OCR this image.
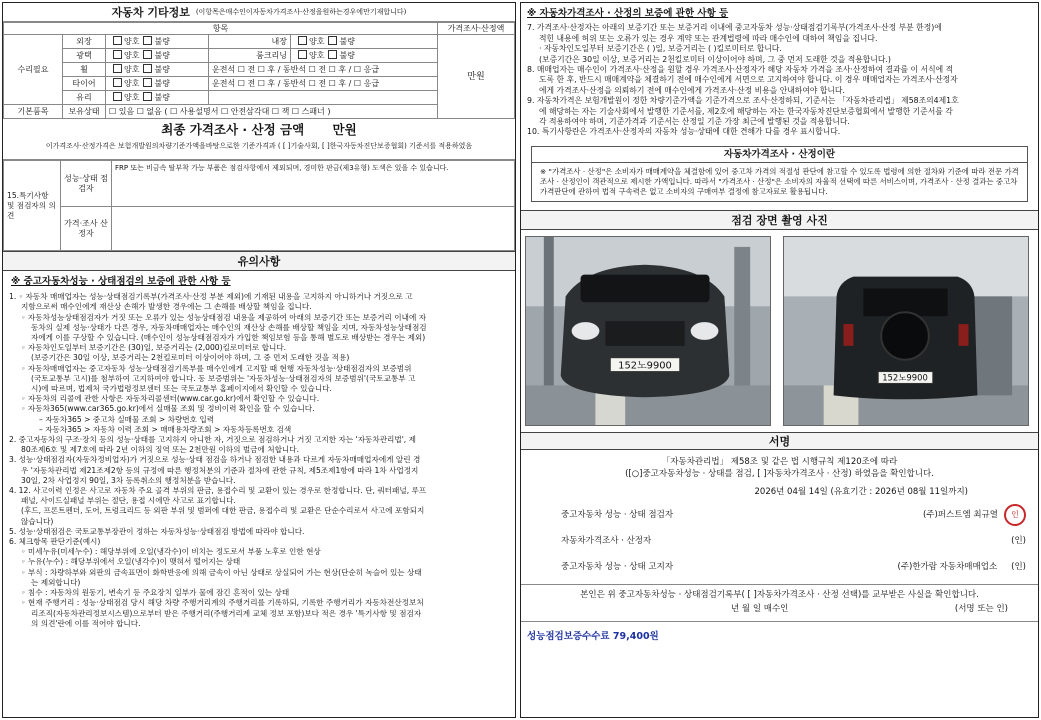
자동차 기타정보 (이항목은매수인이자동차가격조사·산정을원하는경우에만기재합니다)
항목					가격조사·산정액
수리필요	외장	양호 불량	내장	양호 불량	만원
	광택	양호 불량	룸크리닝	양호 불량	
	휠	양호 불량	운전석 ☐ 전 ☐ 후 / 동반석 ☐ 전 ☐ 후 / ☐ 응급		
	타이어	양호 불량	운전석 ☐ 전 ☐ 후 / 동반석 ☐ 전 ☐ 후 / ☐ 응급		
	유리	양호 불량			
기본품목	보유상태	☐ 있음 ☐ 없음 ( ☐ 사용설명서 ☐ 안전삼각대 ☐ 잭 ☐ 스패너 )			
최종 가격조사 · 산정 금액 만원
이가격조사·산정가격은 보험개발원의차량기준가액을바탕으로한 기준가격과 ( [ ]기술사회, [ ]한국자동차진단보증협회) 기준서를 적용하였음
15.특기사항 및 점검자의 의견	성능·상태 점검자	FRP 또는 비금속 탈부착 가능 부품은 점검사항에서 제외되며, 경미한 판금(제3유형) 도색은 있을 수 있습니다.
	가격·조사 산정자	
유의사항
※ 중고자동차성능 · 상태점검의 보증에 관한 사항 등

1. ◦ 자동차 매매업자는 성능·상태점검기록부(가격조사·산정 부분 제외)에 기재된 내용을 고지하지 아니하거나 거짓으로 고

지함으로써 매수인에게 재산상 손해가 발생한 경우에는 그 손해를 배상할 책임을 집니다.

◦ 자동차성능상태점검자가 거짓 또는 오류가 있는 성능상태점검 내용을 제공하여 아래의 보증기간 또는 보증거리 이내에 자

동차의 실제 성능·상태가 다른 경우, 자동차매매업자는 매수인의 재산상 손해를 배상할 책임을 지며, 자동차성능상태점검

자에게 이를 구상할 수 있습니다. (매수인이 성능상태점검자가 가입한 책임보험 등을 통해 별도로 배상받는 경우는 제외)

◦ 자동차인도일부터 보증기간은 (30)일, 보증거리는 (2,000)킬로미터로 합니다.

(보증기간은 30일 이상, 보증거리는 2천킬로미터 이상이어야 하며, 그 중 먼저 도래한 것을 적용)

◦ 자동차매매업자는 중고자동차 성능·상태점검기록부를 매수인에게 고지할 때 현행 자동차성능·상태점검자의 보증범위

(국토교통부 고시)를 첨부하여 고지하여야 합니다. 동 보증범위는 '자동차성능·상태점검자의 보증범위'(국토교통부 고

시)에 따르며, 법제처 국가법령정보센터 또는 국토교통부 홈페이지에서 확인할 수 있습니다.

◦ 자동차의 리콜에 관한 사항은 자동차리콜센터(www.car.go.kr)에서 확인할 수 있습니다.

◦ 자동차365(www.car365.go.kr)에서 실매물 조회 및 정비이력 확인을 할 수 있습니다.

– 자동차365 > 중고차 실매물 조회 > 차량번호 입력

– 자동차365 > 자동차 이력 조회 > 매매용차량조회 > 자동차등록번호 검색

2. 중고자동차의 구조·장치 등의 성능·상태를 고지하지 아니한 자, 거짓으로 점검하거나 거짓 고지한 자는 '자동차관리법', 제

80조제6호 및 제7호에 따라 2년 이하의 징역 또는 2천만원 이하의 벌금에 처합니다.

3. 성능·상태점검자(자동차정비업자)가 거짓으로 성능·상태 점검을 하거나 점검한 내용과 다르게 자동차매매업자에게 알린 경

우 '자동차관리법 제21조제2항 등의 규정에 따른 행정처분의 기준과 절차에 관한 규칙, 제5조제1항에 따라 1차 사업정지

30일, 2차 사업정지 90일, 3차 등록취소의 행정처분을 받습니다.

4. 12. 사고이력 인정은 사고로 자동차 주요 골격 부위의 판금, 용접수리 및 교환이 있는 경우로 한정합니다. 단, 쿼터패널, 루프

패널, 사이드실패널 부위는 절단, 용접 시에만 사고로 표기합니다.

(후드, 프론트펜더, 도어, 트렁크리드 등 외판 부위 및 범퍼에 대한 판금, 용접수리 및 교환은 단순수리로서 사고에 포함되지

않습니다)

5. 성능·상태점검은 국토교통부장관이 정하는 자동차성능·상태점검 방법에 따라야 합니다.

6. 체크항목 판단기준(예시)

◦ 미세누유(미세누수) : 해당부위에 오일(냉각수)이 비치는 정도로서 부품 노후로 인한 현상

◦ 누유(누수) : 해당부위에서 오일(냉각수)이 맺혀서 떨어지는 상태

◦ 부식 : 차량하부와 외판의 금속표면이 화학반응에 의해 금속이 아닌 상태로 상실되어 가는 현상(단순히 녹슬어 있는 상태

는 제외합니다)

◦ 침수 : 자동차의 원동기, 변속기 등 주요장치 일부가 물에 잠긴 흔적이 있는 상태

◦ 현재 주행거리 : 성능·상태점검 당시 해당 차량 주행거리계의 주행거리를 기록하되, 기록한 주행거리가 자동차전산정보처

리조직(자동차관리정보시스템)으로부터 받은 주행거리(주행거리계 교체 정보 포함)보다 적은 경우 '특기사항 및 점검자

의 의견'란에 이를 적어야 합니다.

※ 자동차가격조사 · 산정의 보증에 관한 사항 등

7. 가격조사·산정자는 아래의 보증기간 또는 보증거리 이내에 중고자동차 성능·상태점검기록부(가격조사·산정 부분 한정)에

적힌 내용에 허위 또는 오류가 있는 경우 계약 또는 관계법령에 따라 매수인에 대하여 책임을 집니다.

· 자동차인도일부터 보증기간은 ( )일, 보증거리는 ( )킬로미터로 합니다.

(보증기간은 30일 이상, 보증거리는 2천킬로미터 이상이어야 하며, 그 중 먼저 도래한 것을 적용합니다.)

8. 매매업자는 매수인이 가격조사·산정을 원할 경우 가격조사·산정자가 해당 자동차 가격을 조사·산정하여 결과를 이 서식에 적

도록 한 후, 반드시 매매계약을 체결하기 전에 매수인에게 서면으로 고지하여야 합니다. 이 경우 매매업자는 가격조사·산정자

에게 가격조사·산정을 의뢰하기 전에 매수인에게 가격조사·산정 비용을 안내하여야 합니다.

9. 자동차가격은 보험개발원이 정한 차량기준가액을 기준가격으로 조사·산정하되, 기준서는 「자동차관리법」 제58조의4제1호

에 해당하는 자는 기술사회에서 발행한 기준서를, 제2호에 해당하는 자는 한국자동차진단보증협회에서 발행한 기준서를 각

각 적용하여야 하며, 기준가격과 기준서는 산정일 기준 가장 최근에 발행된 것을 적용합니다.

10. 특기사항란은 가격조사·산정자의 자동차 성능·상태에 대한 견해가 다를 경우 표시합니다.

자동차가격조사 · 산정이란
※ "가격조사 · 산정"은 소비자가 매매계약을 체결함에 있어 중고차 가격의 적절성 판단에 참고할 수 있도록 법령에 의한 절차와 기준에 따라 전문 가격조사 · 산정인이 객관적으로 제시한 가액입니다. 따라서 "가격조사 · 산정"은 소비자의 자율적 선택에 따른 서비스이며, 가격조사 · 산정 결과는 중고차 가격판단에 관하여 법적 구속력은 없고 소비자의 구매여부 결정에 참고자료로 활용됩니다.
점검 장면 촬영 사진
152노9900
152노9900
서명
「자동차관리법」 제58조 및 같은 법 시행규칙 제120조에 따라
([○]중고자동차성능 · 상태를 점검, [ ]자동차가격조사 · 산정) 하였음을 확인합니다.
2026년 04월 14일 (유효기간 : 2026년 08월 11일까지)
중고자동차 성능 · 상태 점검자	(주)퍼스트엠 최규열	인
자동차가격조사 · 산정자	(인)
중고자동차 성능 · 상태 고지자	(주)한가람 자동차매매업소 (인)
본인은 위 중고자동차성능 · 상태점검기록부( [ ]자동차가격조사 · 산정 선택)를 교부받은 사실을 확인합니다.
년 월 일 매수인	(서명 또는 인)
성능점검보증수수료 79,400원
